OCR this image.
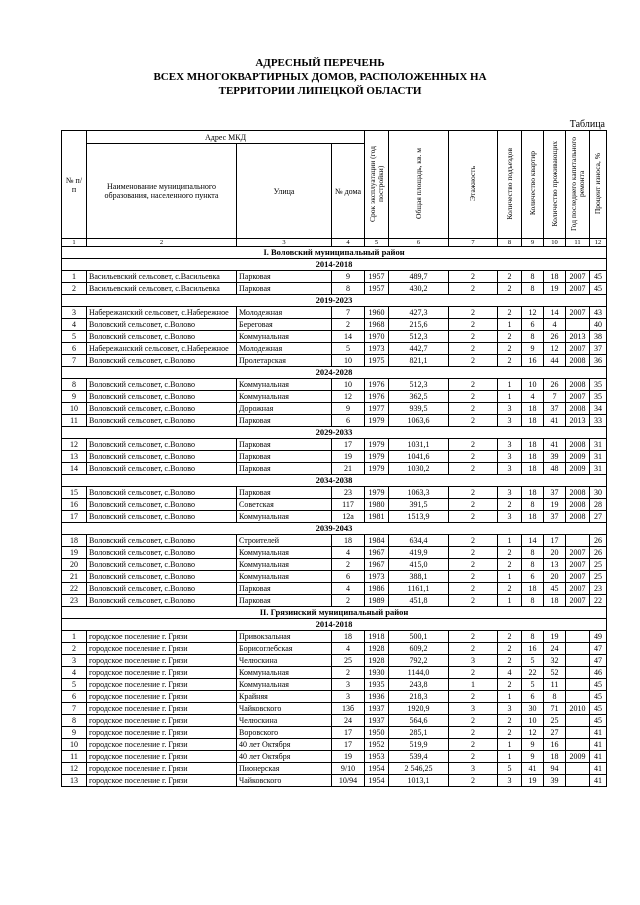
АДРЕСНЫЙ ПЕРЕЧЕНЬ
ВСЕХ МНОГОКВАРТИРНЫХ ДОМОВ, РАСПОЛОЖЕННЫХ НА
ТЕРРИТОРИИ ЛИПЕЦКОЙ ОБЛАСТИ
Таблица
№ п/п	Адрес МКД			Срок эксплуатации (год постройки)	Общая площадь, кв. м	Этажность	Количество подъездов	Количество квартир	Количество проживающих	Год последнего капитального ремонта	Процент износа, %
	Наименование муниципального образования, населенного пункта	Улица	№ дома								
1	2	3	4	5	6	7	8	9	10	11	12
I. Воловский муниципальный район											
2014-2018											
1	Васильевский сельсовет, с.Васильевка	Парковая	9	1957	489,7	2	2	8	18	2007	45
2	Васильевский сельсовет, с.Васильевка	Парковая	8	1957	430,2	2	2	8	19	2007	45
2019-2023											
3	Набережанский сельсовет, с.Набережное	Молодежная	7	1960	427,3	2	2	12	14	2007	43
4	Воловский сельсовет, с.Волово	Береговая	2	1968	215,6	2	1	6	4		40
5	Воловский сельсовет, с.Волово	Коммунальная	14	1970	512,3	2	2	8	26	2013	38
6	Набережанский сельсовет, с.Набережное	Молодежная	5	1973	442,7	2	2	9	12	2007	37
7	Воловский сельсовет, с.Волово	Пролетарская	10	1975	821,1	2	2	16	44	2008	36
2024-2028											
8	Воловский сельсовет, с.Волово	Коммунальная	10	1976	512,3	2	1	10	26	2008	35
9	Воловский сельсовет, с.Волово	Коммунальная	12	1976	362,5	2	1	4	7	2007	35
10	Воловский сельсовет, с.Волово	Дорожная	9	1977	939,5	2	3	18	37	2008	34
11	Воловский сельсовет, с.Волово	Парковая	6	1979	1063,6	2	3	18	41	2013	33
2029-2033											
12	Воловский сельсовет, с.Волово	Парковая	17	1979	1031,1	2	3	18	41	2008	31
13	Воловский сельсовет, с.Волово	Парковая	19	1979	1041,6	2	3	18	39	2009	31
14	Воловский сельсовет, с.Волово	Парковая	21	1979	1030,2	2	3	18	48	2009	31
2034-2038											
15	Воловский сельсовет, с.Волово	Парковая	23	1979	1063,3	2	3	18	37	2008	30
16	Воловский сельсовет, с.Волово	Советская	117	1980	391,5	2	2	8	19	2008	28
17	Воловский сельсовет, с.Волово	Коммунальная	12а	1981	1513,9	2	3	18	37	2008	27
2039-2043											
18	Воловский сельсовет, с.Волово	Строителей	18	1984	634,4	2	1	14	17		26
19	Воловский сельсовет, с.Волово	Коммунальная	4	1967	419,9	2	2	8	20	2007	26
20	Воловский сельсовет, с.Волово	Коммунальная	2	1967	415,0	2	2	8	13	2007	25
21	Воловский сельсовет, с.Волово	Коммунальная	6	1973	388,1	2	1	6	20	2007	25
22	Воловский сельсовет, с.Волово	Парковая	4	1986	1161,1	2	2	18	45	2007	23
23	Воловский сельсовет, с.Волово	Парковая	2	1989	451,8	2	1	8	18	2007	22
II. Грязинский муниципальный район											
2014-2018											
1	городское поселение г. Грязи	Привокзальная	18	1918	500,1	2	2	8	19		49
2	городское поселение г. Грязи	Борисоглебская	4	1928	609,2	2	2	16	24		47
3	городское поселение г. Грязи	Челюскина	25	1928	792,2	3	2	5	32		47
4	городское поселение г. Грязи	Коммунальная	2	1930	1144,0	2	4	22	52		46
5	городское поселение г. Грязи	Коммунальная	3	1935	243,8	1	2	5	11		45
6	городское поселение г. Грязи	Крайняя	3	1936	218,3	2	1	6	8		45
7	городское поселение г. Грязи	Чайковского	13б	1937	1920,9	3	3	30	71	2010	45
8	городское поселение г. Грязи	Челюскина	24	1937	564,6	2	2	10	25		45
9	городское поселение г. Грязи	Воровского	17	1950	285,1	2	2	12	27		41
10	городское поселение г. Грязи	40 лет Октября	17	1952	519,9	2	1	9	16		41
11	городское поселение г. Грязи	40 лет Октября	19	1953	539,4	2	1	9	18	2009	41
12	городское поселение г. Грязи	Пионерская	9/10	1954	2 546,25	3	5	41	94		41
13	городское поселение г. Грязи	Чайковского	10/94	1954	1013,1	2	3	19	39		41
